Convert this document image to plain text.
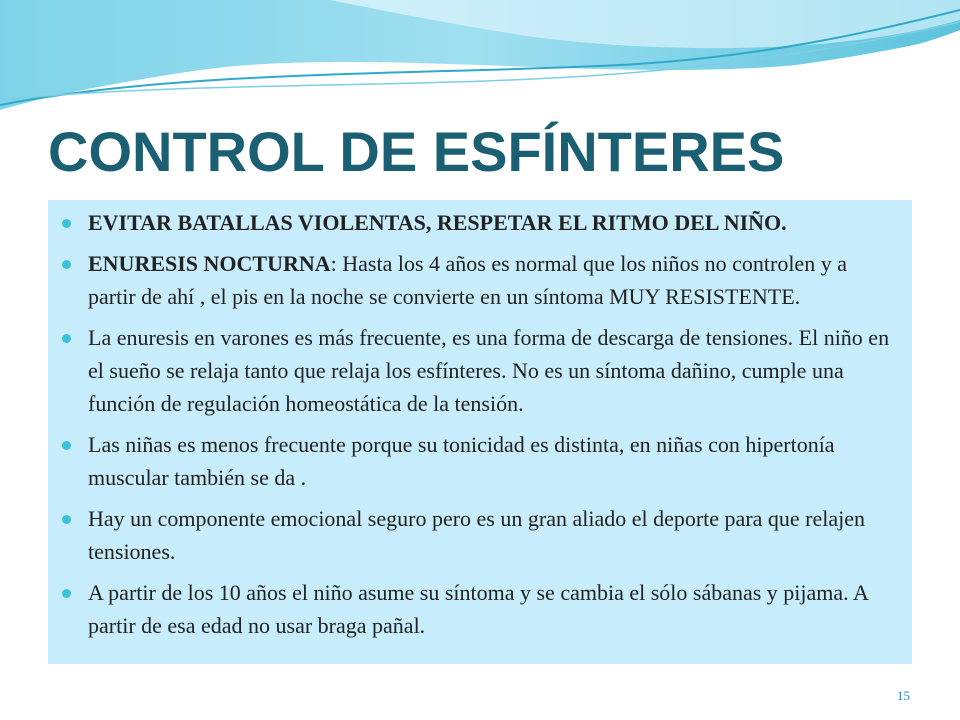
CONTROL DE ESFÍNTERES
EVITAR BATALLAS VIOLENTAS, RESPETAR EL RITMO DEL NIÑO.
ENURESIS NOCTURNA: Hasta los 4 años es normal que los niños no controlen y a partir de ahí , el pis en la noche se convierte en un síntoma MUY RESISTENTE.
La enuresis en varones es más frecuente, es una forma de descarga de tensiones. El niño en el sueño se relaja tanto que relaja los esfínteres. No es un síntoma dañino, cumple una función de regulación homeostática de la tensión.
Las niñas es menos frecuente porque su tonicidad es distinta, en niñas con hipertonía muscular también se da .
Hay un componente emocional seguro pero es un gran aliado el deporte para que relajen tensiones.
A partir de los 10 años el niño asume su síntoma y se cambia el sólo sábanas y pijama. A partir de esa edad no usar braga pañal.
15
